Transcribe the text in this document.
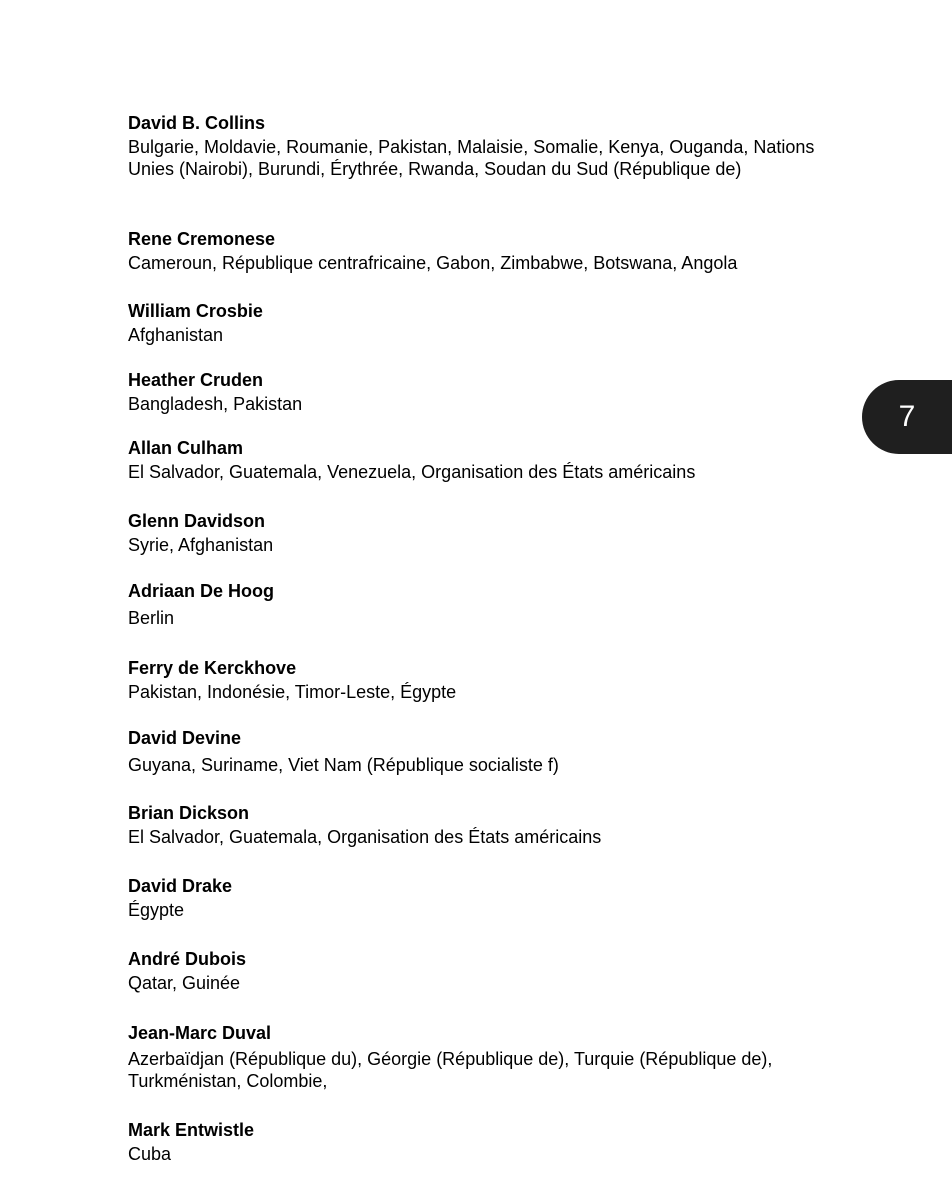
David B. Collins

Bulgarie, Moldavie, Roumanie, Pakistan, Malaisie, Somalie, Kenya, Ouganda, Nations Unies (Nairobi), Burundi, Érythrée, Rwanda, Soudan du Sud (République de)

Rene Cremonese

Cameroun, République centrafricaine, Gabon, Zimbabwe, Botswana, Angola

William Crosbie

Afghanistan

Heather Cruden

Bangladesh, Pakistan

Allan Culham

El Salvador, Guatemala, Venezuela, Organisation des États américains

Glenn Davidson

Syrie, Afghanistan

Adriaan De Hoog

Berlin

Ferry de Kerckhove

Pakistan, Indonésie, Timor-Leste, Égypte

David Devine

Guyana, Suriname, Viet Nam (République socialiste f)

Brian Dickson

El Salvador, Guatemala, Organisation des États américains

David Drake

Égypte

André Dubois

Qatar, Guinée

Jean-Marc Duval

Azerbaïdjan (République du), Géorgie (République de), Turquie (République de), Turkménistan, Colombie,

Mark Entwistle

Cuba

7
